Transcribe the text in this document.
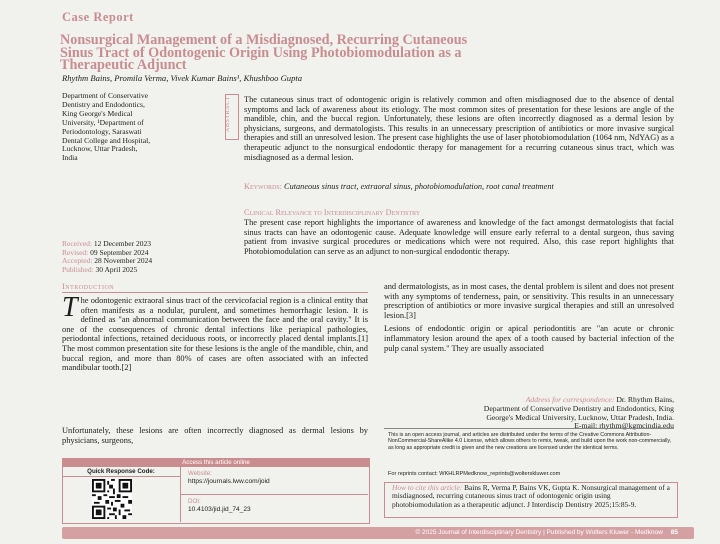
Case Report
Nonsurgical Management of a Misdiagnosed, Recurring Cutaneous
Sinus Tract of Odontogenic Origin Using Photobiomodulation as a
Therapeutic Adjunct
Rhythm Bains, Promila Verma, Vivek Kumar Bains¹, Khushboo Gupta
Department of Conservative
Dentistry and Endodontics,
King George's Medical
University, ¹Department of
Periodontology, Saraswati
Dental College and Hospital,
Lucknow, Uttar Pradesh,
India
ABSTRACT The cutaneous sinus tract of odontogenic origin is relatively common and often misdiagnosed due to the absence of dental symptoms and lack of awareness about its etiology. The most common sites of presentation for these lesions are angle of the mandible, chin, and the buccal region. Unfortunately, these lesions are often incorrectly diagnosed as a dermal lesion by physicians, surgeons, and dermatologists. This results in an unnecessary prescription of antibiotics or more invasive surgical therapies and still an unresolved lesion. The present case highlights the use of laser photobiomodulation (1064 nm, NdYAG) as a therapeutic adjunct to the nonsurgical endodontic therapy for management for a recurring cutaneous sinus tract, which was misdiagnosed as a dermal lesion.
Keywords: Cutaneous sinus tract, extraoral sinus, photobiomodulation, root canal treatment
Clinical Relevance to Interdisciplinary Dentistry
The present case report highlights the importance of awareness and knowledge of the fact amongst dermatologists that facial sinus tracts can have an odontogenic cause. Adequate knowledge will ensure early referral to a dental surgeon, thus saving patient from invasive surgical procedures or medications which were not required. Also, this case report highlights that Photobiomodulation can serve as an adjunct to non-surgical endodontic therapy.
Received: 12 December 2023
Revised: 09 September 2024
Accepted: 28 November 2024
Published: 30 April 2025
Introduction
The odontogenic extraoral sinus tract of the cervicofacial region is a clinical entity that often manifests as a nodular, purulent, and sometimes hemorrhagic lesion. It is defined as "an abnormal communication between the face and the oral cavity." It is one of the consequences of chronic dental infections like periapical pathologies, periodontal infections, retained deciduous roots, or incorrectly placed dental implants.[1] The most common presentation site for these lesions is the angle of the mandible, chin, and buccal region, and more than 80% of cases are often associated with an infected mandibular tooth.[2]
Unfortunately, these lesions are often incorrectly diagnosed as dermal lesions by physicians, surgeons,
and dermatologists, as in most cases, the dental problem is silent and does not present with any symptoms of tenderness, pain, or sensitivity. This results in an unnecessary prescription of antibiotics or more invasive surgical therapies and still an unresolved lesion.[3]
Lesions of endodontic origin or apical periodontitis are "an acute or chronic inflammatory lesion around the apex of a tooth caused by bacterial infection of the pulp canal system." They are usually associated
Access this article online
Quick Response Code:	Website:
https://journals.lww.com/joid
DOI:
10.4103/jid.jid_74_23
Address for correspondence: Dr. Rhythm Bains,
Department of Conservative Dentistry and Endodontics, King
George's Medical University, Lucknow, Uttar Pradesh, India.
E-mail: rhythm@kgmcindia.edu
This is an open access journal, and articles are distributed under the terms of the Creative Commons Attribution-NonCommercial-ShareAlike 4.0 License, which allows others to remix, tweak, and build upon the work non-commercially, as long as appropriate credit is given and the new creations are licensed under the identical terms.
For reprints contact: WKHLRPMedknow_reprints@wolterskluwer.com
How to cite this article: Bains R, Verma P, Bains VK, Gupta K. Nonsurgical management of a misdiagnosed, recurring cutaneous sinus tract of odontogenic origin using photobiomodulation as a therapeutic adjunct. J Interdiscip Dentistry 2025;15:85-9.
© 2025 Journal of Interdisciplinary Dentistry | Published by Wolters Kluwer - Medknow 85
